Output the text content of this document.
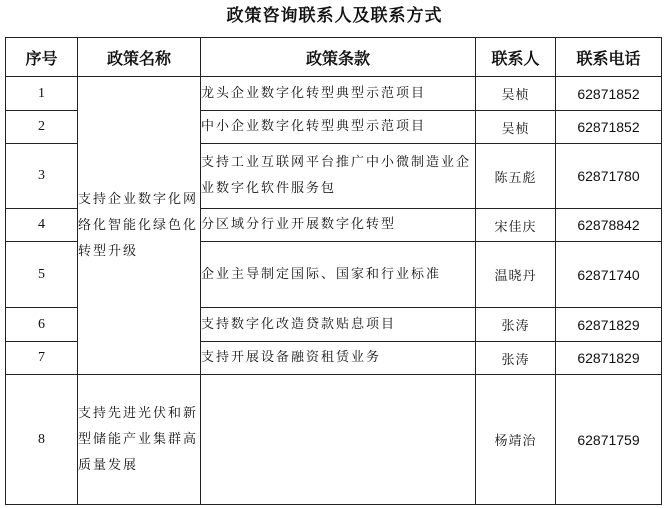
政策咨询联系人及联系方式
序号	政策名称	政策条款	联系人	联系电话
1	支持企业数字化网络化智能化绿色化转型升级	龙头企业数字化转型典型示范项目	吴桢	62871852
2		中小企业数字化转型典型示范项目	吴桢	62871852
3		支持工业互联网平台推广中小微制造业企业数字化软件服务包	陈五彪	62871780
4		分区域分行业开展数字化转型	宋佳庆	62878842
5		企业主导制定国际、国家和行业标准	温晓丹	62871740
6		支持数字化改造贷款贴息项目	张涛	62871829
7		支持开展设备融资租赁业务	张涛	62871829
8	支持先进光伏和新型储能产业集群高质量发展		杨靖治	62871759
